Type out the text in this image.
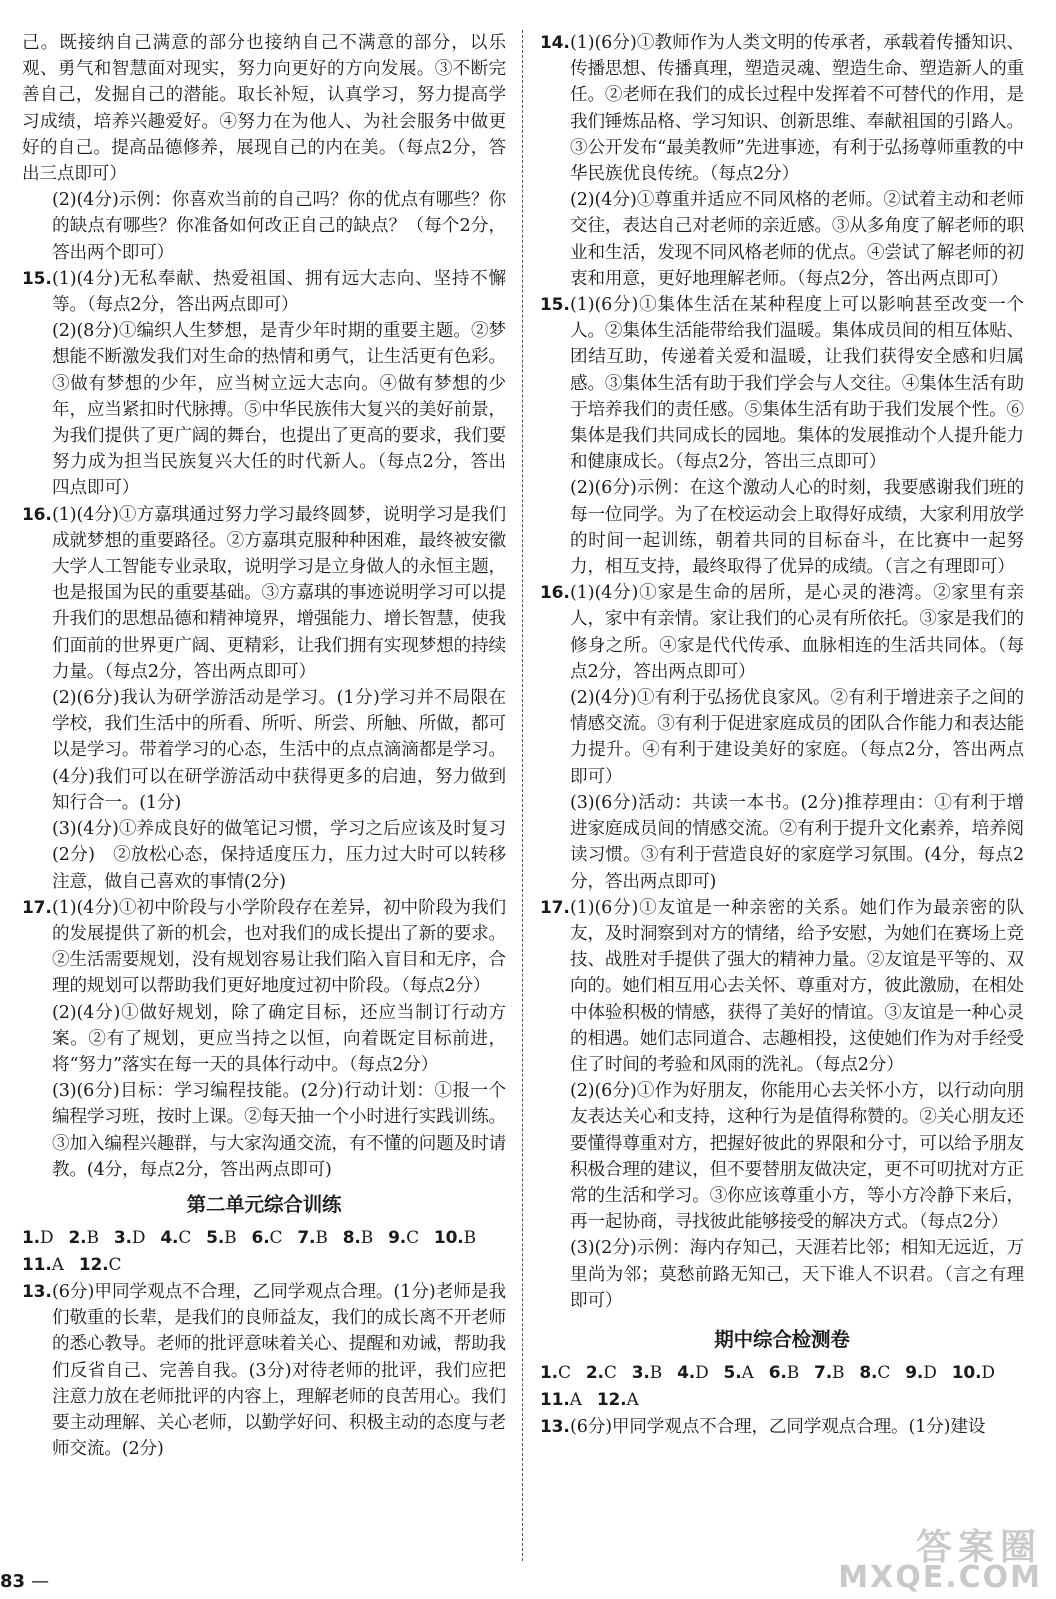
己。既接纳自己满意的部分也接纳自己不满意的部分，以乐观、勇气和智慧面对现实，努力向更好的方向发展。③不断完善自己，发掘自己的潜能。取长补短，认真学习，努力提高学习成绩，培养兴趣爱好。④努力在为他人、为社会服务中做更好的自己。提高品德修养，展现自己的内在美。（每点2分，答出三点即可）
(2)(4分)示例：你喜欢当前的自己吗？你的优点有哪些？你的缺点有哪些？你准备如何改正自己的缺点？（每个2分，答出两个即可）
15. (1)(4分)无私奉献、热爱祖国、拥有远大志向、坚持不懈等。（每点2分，答出两点即可）
(2)(8分)①编织人生梦想，是青少年时期的重要主题。②梦想能不断激发我们对生命的热情和勇气，让生活更有色彩。③做有梦想的少年，应当树立远大志向。④做有梦想的少年，应当紧扣时代脉搏。⑤中华民族伟大复兴的美好前景，为我们提供了更广阔的舞台，也提出了更高的要求，我们要努力成为担当民族复兴大任的时代新人。（每点2分，答出四点即可）
16. (1)(4分)①方嘉琪通过努力学习最终圆梦，说明学习是我们成就梦想的重要路径。②方嘉琪克服种种困难，最终被安徽大学人工智能专业录取，说明学习是立身做人的永恒主题，也是报国为民的重要基础。③方嘉琪的事迹说明学习可以提升我们的思想品德和精神境界，增强能力、增长智慧，使我们面前的世界更广阔、更精彩，让我们拥有实现梦想的持续力量。（每点2分，答出两点即可）
(2)(6分)我认为研学游活动是学习。(1分)学习并不局限在学校，我们生活中的所看、所听、所尝、所触、所做，都可以是学习。带着学习的心态，生活中的点点滴滴都是学习。(4分)我们可以在研学游活动中获得更多的启迪，努力做到知行合一。(1分)
(3)(4分)①养成良好的做笔记习惯，学习之后应该及时复习(2分)　②放松心态，保持适度压力，压力过大时可以转移注意，做自己喜欢的事情(2分)
17. (1)(4分)①初中阶段与小学阶段存在差异，初中阶段为我们的发展提供了新的机会，也对我们的成长提出了新的要求。②生活需要规划，没有规划容易让我们陷入盲目和无序，合理的规划可以帮助我们更好地度过初中阶段。（每点2分）
(2)(4分)①做好规划，除了确定目标，还应当制订行动方案。②有了规划，更应当持之以恒，向着既定目标前进，将“努力”落实在每一天的具体行动中。（每点2分）
(3)(6分)目标：学习编程技能。(2分)行动计划：①报一个编程学习班，按时上课。②每天抽一个小时进行实践训练。③加入编程兴趣群，与大家沟通交流，有不懂的问题及时请教。(4分，每点2分，答出两点即可)
第二单元综合训练
1.D 2.B 3.D 4.C 5.B 6.C 7.B 8.B 9.C 10.B
11.A 12.C
13. (6分)甲同学观点不合理，乙同学观点合理。(1分)老师是我们敬重的长辈，是我们的良师益友，我们的成长离不开老师的悉心教导。老师的批评意味着关心、提醒和劝诫，帮助我们反省自己、完善自我。(3分)对待老师的批评，我们应把注意力放在老师批评的内容上，理解老师的良苦用心。我们要主动理解、关心老师，以勤学好问、积极主动的态度与老师交流。(2分)
14. (1)(6分)①教师作为人类文明的传承者，承载着传播知识、传播思想、传播真理，塑造灵魂、塑造生命、塑造新人的重任。②老师在我们的成长过程中发挥着不可替代的作用，是我们锤炼品格、学习知识、创新思维、奉献祖国的引路人。③公开发布“最美教师”先进事迹，有利于弘扬尊师重教的中华民族优良传统。（每点2分）
(2)(4分)①尊重并适应不同风格的老师。②试着主动和老师交往，表达自己对老师的亲近感。③从多角度了解老师的职业和生活，发现不同风格老师的优点。④尝试了解老师的初衷和用意，更好地理解老师。（每点2分，答出两点即可）
15. (1)(6分)①集体生活在某种程度上可以影响甚至改变一个人。②集体生活能带给我们温暖。集体成员间的相互体贴、团结互助，传递着关爱和温暖，让我们获得安全感和归属感。③集体生活有助于我们学会与人交往。④集体生活有助于培养我们的责任感。⑤集体生活有助于我们发展个性。⑥集体是我们共同成长的园地。集体的发展推动个人提升能力和健康成长。（每点2分，答出三点即可）
(2)(6分)示例：在这个激动人心的时刻，我要感谢我们班的每一位同学。为了在校运动会上取得好成绩，大家利用放学的时间一起训练，朝着共同的目标奋斗，在比赛中一起努力，相互支持，最终取得了优异的成绩。（言之有理即可）
16. (1)(4分)①家是生命的居所，是心灵的港湾。②家里有亲人，家中有亲情。家让我们的心灵有所依托。③家是我们的修身之所。④家是代代传承、血脉相连的生活共同体。（每点2分，答出两点即可）
(2)(4分)①有利于弘扬优良家风。②有利于增进亲子之间的情感交流。③有利于促进家庭成员的团队合作能力和表达能力提升。④有利于建设美好的家庭。（每点2分，答出两点即可）
(3)(6分)活动：共读一本书。(2分)推荐理由：①有利于增进家庭成员间的情感交流。②有利于提升文化素养，培养阅读习惯。③有利于营造良好的家庭学习氛围。(4分，每点2分，答出两点即可)
17. (1)(6分)①友谊是一种亲密的关系。她们作为最亲密的队友，及时洞察到对方的情绪，给予安慰，为她们在赛场上竞技、战胜对手提供了强大的精神力量。②友谊是平等的、双向的。她们相互用心去关怀、尊重对方，彼此激励，在相处中体验积极的情感，获得了美好的情谊。③友谊是一种心灵的相遇。她们志同道合、志趣相投，这使她们作为对手经受住了时间的考验和风雨的洗礼。（每点2分）
(2)(6分)①作为好朋友，你能用心去关怀小方，以行动向朋友表达关心和支持，这种行为是值得称赞的。②关心朋友还要懂得尊重对方，把握好彼此的界限和分寸，可以给予朋友积极合理的建议，但不要替朋友做决定，更不可叨扰对方正常的生活和学习。③你应该尊重小方，等小方冷静下来后，再一起协商，寻找彼此能够接受的解决方式。（每点2分）
(3)(2分)示例：海内存知己，天涯若比邻；相知无远近，万里尚为邻；莫愁前路无知己，天下谁人不识君。（言之有理即可）
期中综合检测卷
1.C 2.C 3.B 4.D 5.A 6.B 7.B 8.C 9.D 10.D
11.A 12.A
13. (6分)甲同学观点不合理，乙同学观点合理。(1分)建设
83 —
答案圈
MXQE.COM
